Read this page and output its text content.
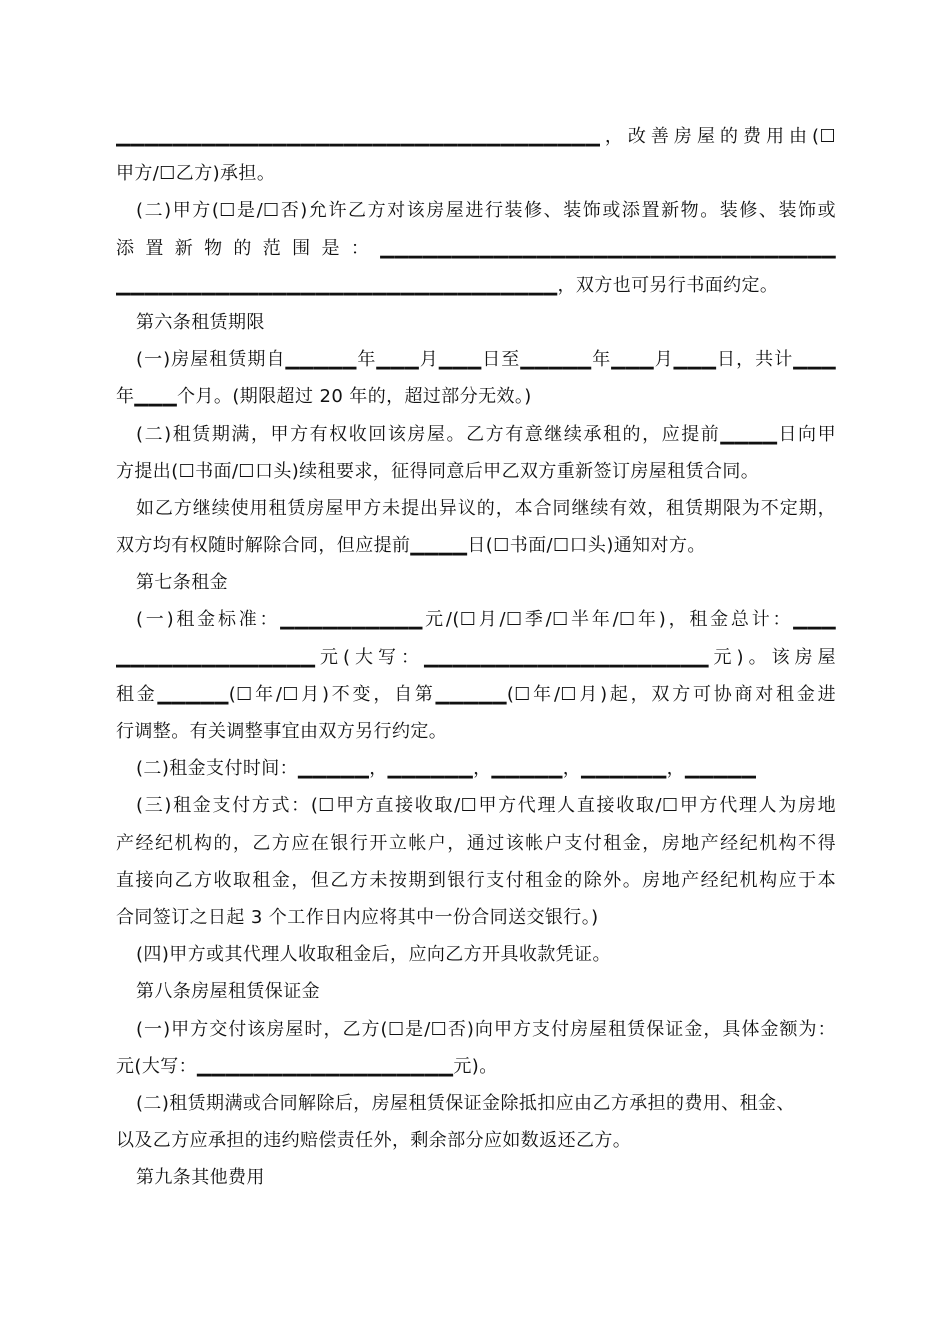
▁▁▁▁▁▁▁▁▁▁▁▁▁▁▁▁▁▁▁▁▁▁▁▁▁▁▁▁▁▁▁▁▁▁，改善房屋的费用由(☐
甲方/☐乙方)承担。
(二)甲方(☐是/☐否)允许乙方对该房屋进行装修、装饰或添置新物。装修、装饰或
添置新物的范围是：▁▁▁▁▁▁▁▁▁▁▁▁▁▁▁▁▁▁▁▁▁▁▁▁▁▁▁▁▁▁▁▁
▁▁▁▁▁▁▁▁▁▁▁▁▁▁▁▁▁▁▁▁▁▁▁▁▁▁▁▁▁▁▁，双方也可另行书面约定。
第六条租赁期限
(一)房屋租赁期自▁▁▁▁▁年▁▁▁月▁▁▁日至▁▁▁▁▁年▁▁▁月▁▁▁日，共计▁▁▁
年▁▁▁个月。(期限超过 20 年的，超过部分无效。)
(二)租赁期满，甲方有权收回该房屋。乙方有意继续承租的，应提前▁▁▁▁日向甲
方提出(☐书面/☐口头)续租要求，征得同意后甲乙双方重新签订房屋租赁合同。
如乙方继续使用租赁房屋甲方未提出异议的，本合同继续有效，租赁期限为不定期，
双方均有权随时解除合同，但应提前▁▁▁▁日(☐书面/☐口头)通知对方。
第七条租金
(一)租金标准：▁▁▁▁▁▁▁▁▁▁元/(☐月/☐季/☐半年/☐年)，租金总计：▁▁▁
▁▁▁▁▁▁▁▁▁▁▁▁▁▁元(大写：▁▁▁▁▁▁▁▁▁▁▁▁▁▁▁▁▁▁▁▁元)。该房屋
租金▁▁▁▁▁(☐年/☐月)不变，自第▁▁▁▁▁(☐年/☐月)起，双方可协商对租金进
行调整。有关调整事宜由双方另行约定。
(二)租金支付时间：▁▁▁▁▁，▁▁▁▁▁▁，▁▁▁▁▁，▁▁▁▁▁▁，▁▁▁▁▁
(三)租金支付方式：(☐甲方直接收取/☐甲方代理人直接收取/☐甲方代理人为房地
产经纪机构的，乙方应在银行开立帐户，通过该帐户支付租金，房地产经纪机构不得
直接向乙方收取租金，但乙方未按期到银行支付租金的除外。房地产经纪机构应于本
合同签订之日起 3 个工作日内应将其中一份合同送交银行。)
(四)甲方或其代理人收取租金后，应向乙方开具收款凭证。
第八条房屋租赁保证金
(一)甲方交付该房屋时，乙方(☐是/☐否)向甲方支付房屋租赁保证金，具体金额为：
元(大写：▁▁▁▁▁▁▁▁▁▁▁▁▁▁▁▁▁▁元)。
(二)租赁期满或合同解除后，房屋租赁保证金除抵扣应由乙方承担的费用、租金、
以及乙方应承担的违约赔偿责任外，剩余部分应如数返还乙方。
第九条其他费用
